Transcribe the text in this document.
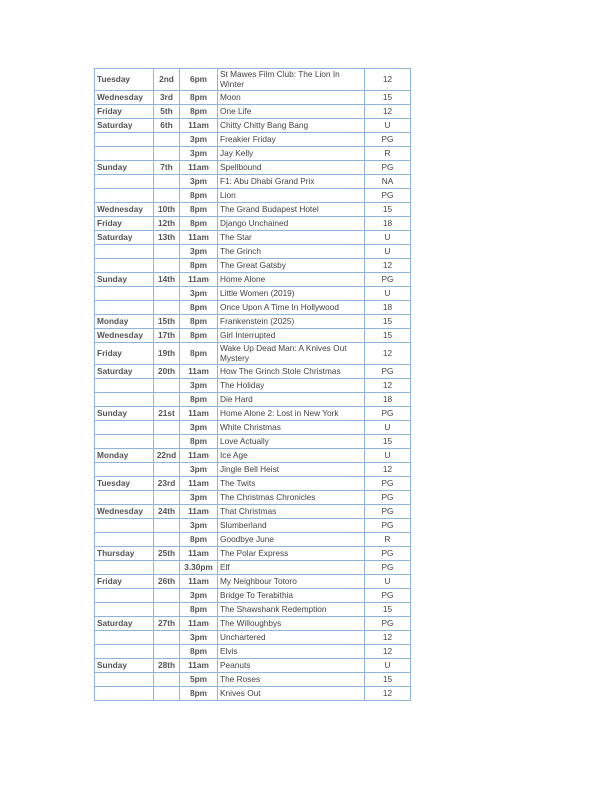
Tuesday	2nd	6pm	St Mawes Film Club: The Lion In Winter	12
Wednesday	3rd	8pm	Moon	15
Friday	5th	8pm	One Life	12
Saturday	6th	11am	Chitty Chitty Bang Bang	U
		3pm	Freakier Friday	PG
		3pm	Jay Kelly	R
Sunday	7th	11am	Spellbound	PG
		3pm	F1: Abu Dhabi Grand Prix	NA
		8pm	Lion	PG
Wednesday	10th	8pm	The Grand Budapest Hotel	15
Friday	12th	8pm	Django Unchained	18
Saturday	13th	11am	The Star	U
		3pm	The Grinch	U
		8pm	The Great Gatsby	12
Sunday	14th	11am	Home Alone	PG
		3pm	Little Women (2019)	U
		8pm	Once Upon A Time In Hollywood	18
Monday	15th	8pm	Frankenstein (2025)	15
Wednesday	17th	8pm	Girl Interrupted	15
Friday	19th	8pm	Wake Up Dead Man: A Knives Out Mystery	12
Saturday	20th	11am	How The Grinch Stole Christmas	PG
		3pm	The Holiday	12
		8pm	Die Hard	18
Sunday	21st	11am	Home Alone 2: Lost in New York	PG
		3pm	White Christmas	U
		8pm	Love Actually	15
Monday	22nd	11am	Ice Age	U
		3pm	Jingle Bell Heist	12
Tuesday	23rd	11am	The Twits	PG
		3pm	The Christmas Chronicles	PG
Wednesday	24th	11am	That Christmas	PG
		3pm	Slumberland	PG
		8pm	Goodbye June	R
Thursday	25th	11am	The Polar Express	PG
		3.30pm	Elf	PG
Friday	26th	11am	My Neighbour Totoro	U
		3pm	Bridge To Terabithia	PG
		8pm	The Shawshank Redemption	15
Saturday	27th	11am	The Willoughbys	PG
		3pm	Unchartered	12
		8pm	Elvis	12
Sunday	28th	11am	Peanuts	U
		5pm	The Roses	15
		8pm	Knives Out	12
